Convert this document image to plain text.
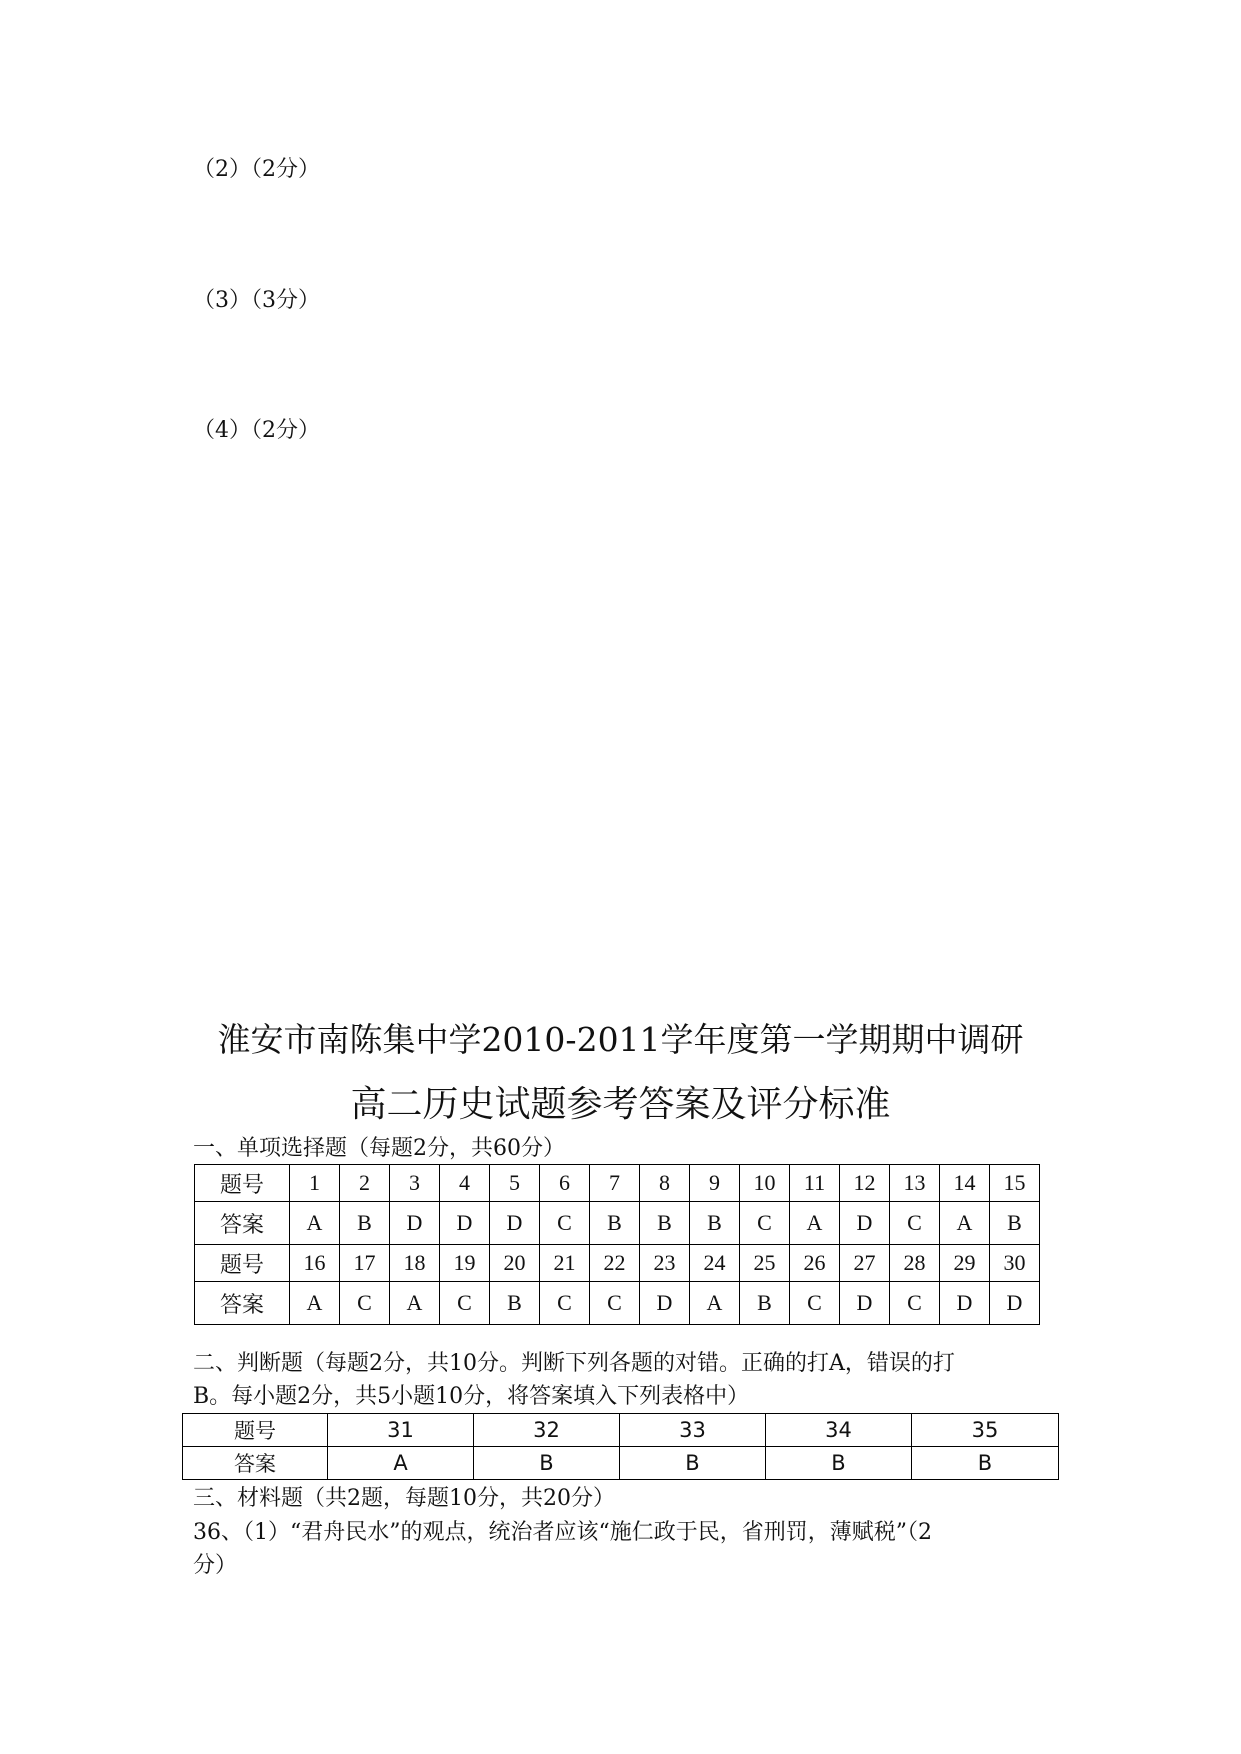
（2）（2分）
（3）（3分）
（4）（2分）
淮安市南陈集中学2010-2011学年度第一学期期中调研
高二历史试题参考答案及评分标准
一、单项选择题（每题2分，共60分）
题号	1	2	3	4	5	6	7	8	9	10	11	12	13	14	15
答案	A	B	D	D	D	C	B	B	B	C	A	D	C	A	B
题号	16	17	18	19	20	21	22	23	24	25	26	27	28	29	30
答案	A	C	A	C	B	C	C	D	A	B	C	D	C	D	D
二、判断题（每题2分，共10分。判断下列各题的对错。正确的打A，错误的打
B。每小题2分，共5小题10分，将答案填入下列表格中）
题号	31	32	33	34	35
答案	A	B	B	B	B
三、材料题（共2题，每题10分，共20分）
36、（1）“君舟民水”的观点，统治者应该“施仁政于民，省刑罚，薄赋税”（2
分）
